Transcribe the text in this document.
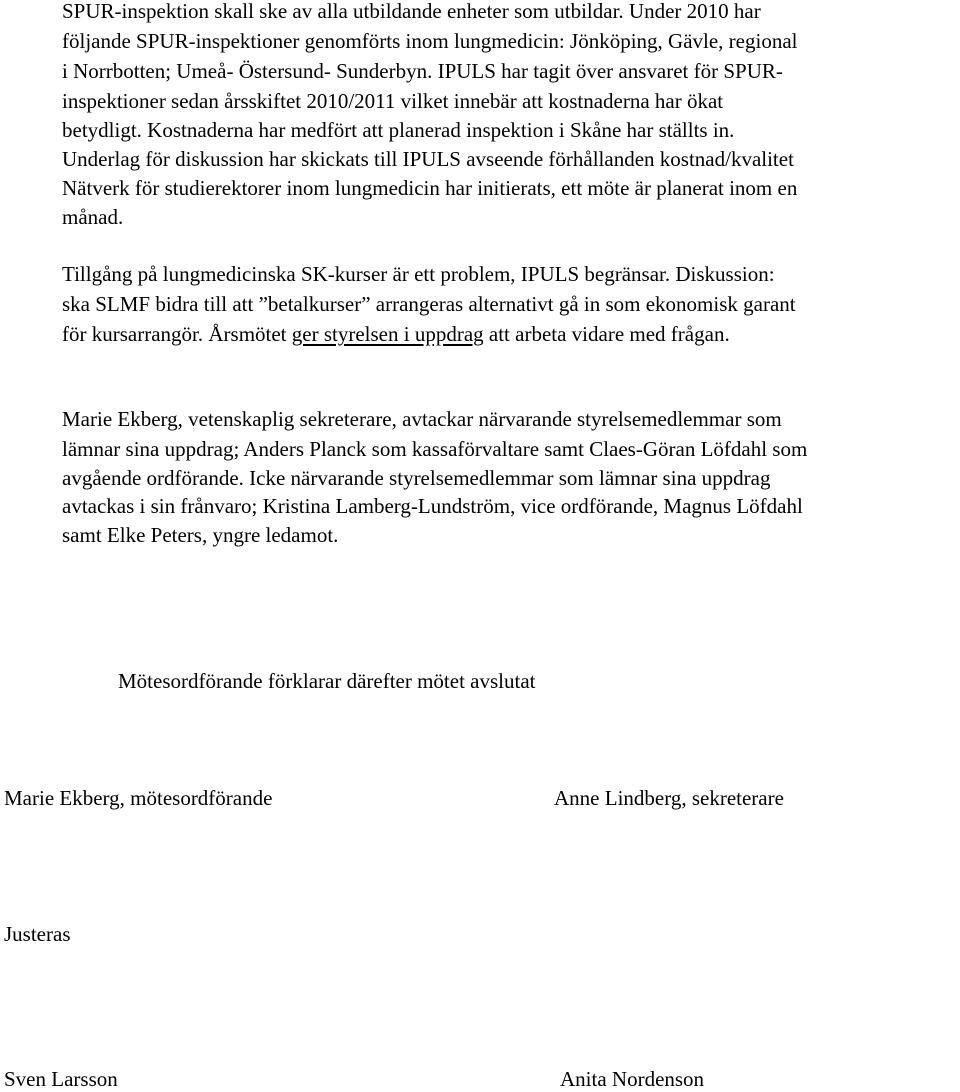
SPUR-inspektion skall ske av alla utbildande enheter som utbildar. Under 2010 har
följande SPUR-inspektioner genomförts inom lungmedicin: Jönköping, Gävle, regional
i Norrbotten; Umeå- Östersund- Sunderbyn. IPULS har tagit över ansvaret för SPUR-
inspektioner sedan årsskiftet 2010/2011 vilket innebär att kostnaderna har ökat
betydligt. Kostnaderna har medfört att planerad inspektion i Skåne har ställts in.
Underlag för diskussion har skickats till IPULS avseende förhållanden kostnad/kvalitet
Nätverk för studierektorer inom lungmedicin har initierats, ett möte är planerat inom en
månad.
Tillgång på lungmedicinska SK-kurser är ett problem, IPULS begränsar. Diskussion:
ska SLMF bidra till att ”betalkurser” arrangeras alternativt gå in som ekonomisk garant
för kursarrangör. Årsmötet ger styrelsen i uppdrag att arbeta vidare med frågan.
Marie Ekberg, vetenskaplig sekreterare, avtackar närvarande styrelsemedlemmar som
lämnar sina uppdrag; Anders Planck som kassaförvaltare samt Claes-Göran Löfdahl som
avgående ordförande. Icke närvarande styrelsemedlemmar som lämnar sina uppdrag
avtackas i sin frånvaro; Kristina Lamberg-Lundström, vice ordförande, Magnus Löfdahl
samt Elke Peters, yngre ledamot.
Mötesordförande förklarar därefter mötet avslutat
Marie Ekberg, mötesordförande	Anne Lindberg, sekreterare
Justeras
Sven Larsson	Anita Nordenson
